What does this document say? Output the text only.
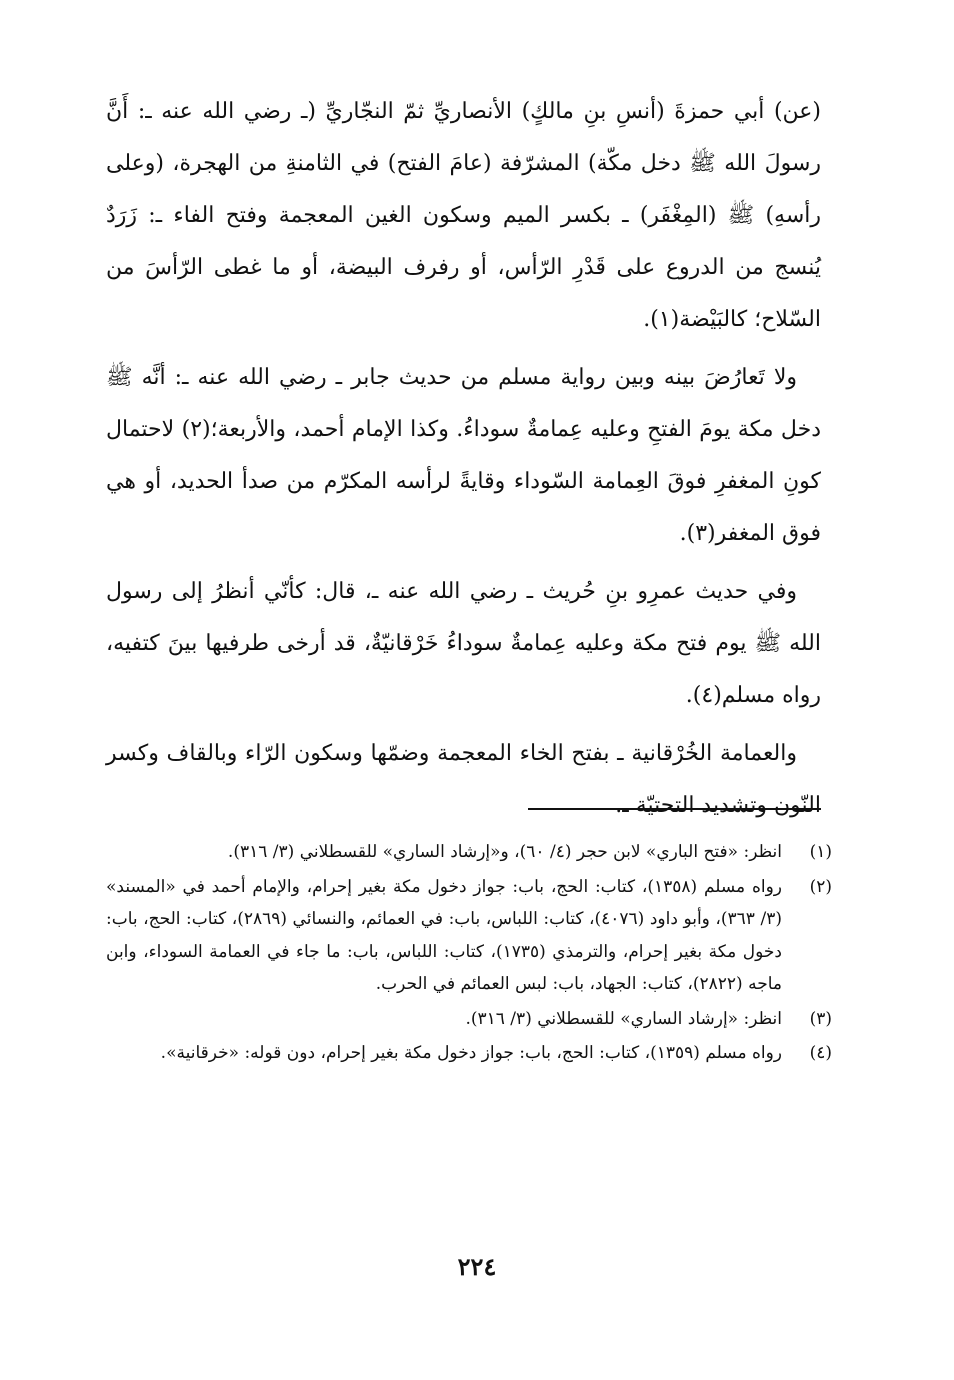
(عن) أبي حمزةَ (أنسِ بنِ مالكٍ) الأنصاريِّ ثمّ النجّاريِّ (ـ رضي الله عنه ـ: أَنَّ رسولَ الله ﷺ دخل مكّة) المشرّفة (عامَ الفتح) في الثامنةِ من الهجرة، (وعلى رأسهِ) ﷺ (المِغْفَر) ـ بكسر الميم وسكون الغين المعجمة وفتح الفاء ـ: زَرَدٌ يُنسج من الدروع على قَدْرِ الرّأس، أو رفرف البيضة، أو ما غطى الرّأسَ من السّلاح؛ كالبَيْضة(١).

ولا تَعارُضَ بينه وبين رواية مسلم من حديث جابر ـ رضي الله عنه ـ: أنَّه ﷺ دخل مكة يومَ الفتحِ وعليه عِمامةٌ سوداءُ. وكذا الإمام أحمد، والأربعة؛(٢) لاحتمال كونِ المغفرِ فوقَ العِمامة السّوداء وقايةً لرأسه المكرّم من صدأ الحديد، أو هي فوق المغفر(٣).

وفي حديث عمرِو بنِ حُريث ـ رضي الله عنه ـ، قال: كأنّي أنظرُ إلى رسول الله ﷺ يوم فتح مكة وعليه عِمامةٌ سوداءُ خَرْقانيّةٌ، قد أرخى طرفيها بينَ كتفيه، رواه مسلم(٤).

والعمامة الخُرْقانية ـ بفتح الخاء المعجمة وضمّها وسكون الرّاء وبالقاف وكسر النّون وتشديد التحتيّة ـ.

(١)
انظر: «فتح الباري» لابن حجر (٤/ ٦٠)، و«إرشاد الساري» للقسطلاني (٣/ ٣١٦).
(٢)
رواه مسلم (١٣٥٨)، كتاب: الحج، باب: جواز دخول مكة بغير إحرام، والإمام أحمد في «المسند» (٣/ ٣٦٣)، وأبو داود (٤٠٧٦)، كتاب: اللباس، باب: في العمائم، والنسائي (٢٨٦٩)، كتاب: الحج، باب: دخول مكة بغير إحرام، والترمذي (١٧٣٥)، كتاب: اللباس، باب: ما جاء في العمامة السوداء، وابن ماجه (٢٨٢٢)، كتاب: الجهاد، باب: لبس العمائم في الحرب.
(٣)
انظر: «إرشاد الساري» للقسطلاني (٣/ ٣١٦).
(٤)
رواه مسلم (١٣٥٩)، كتاب: الحج، باب: جواز دخول مكة بغير إحرام، دون قوله: «خرقانية».
٢٢٤
